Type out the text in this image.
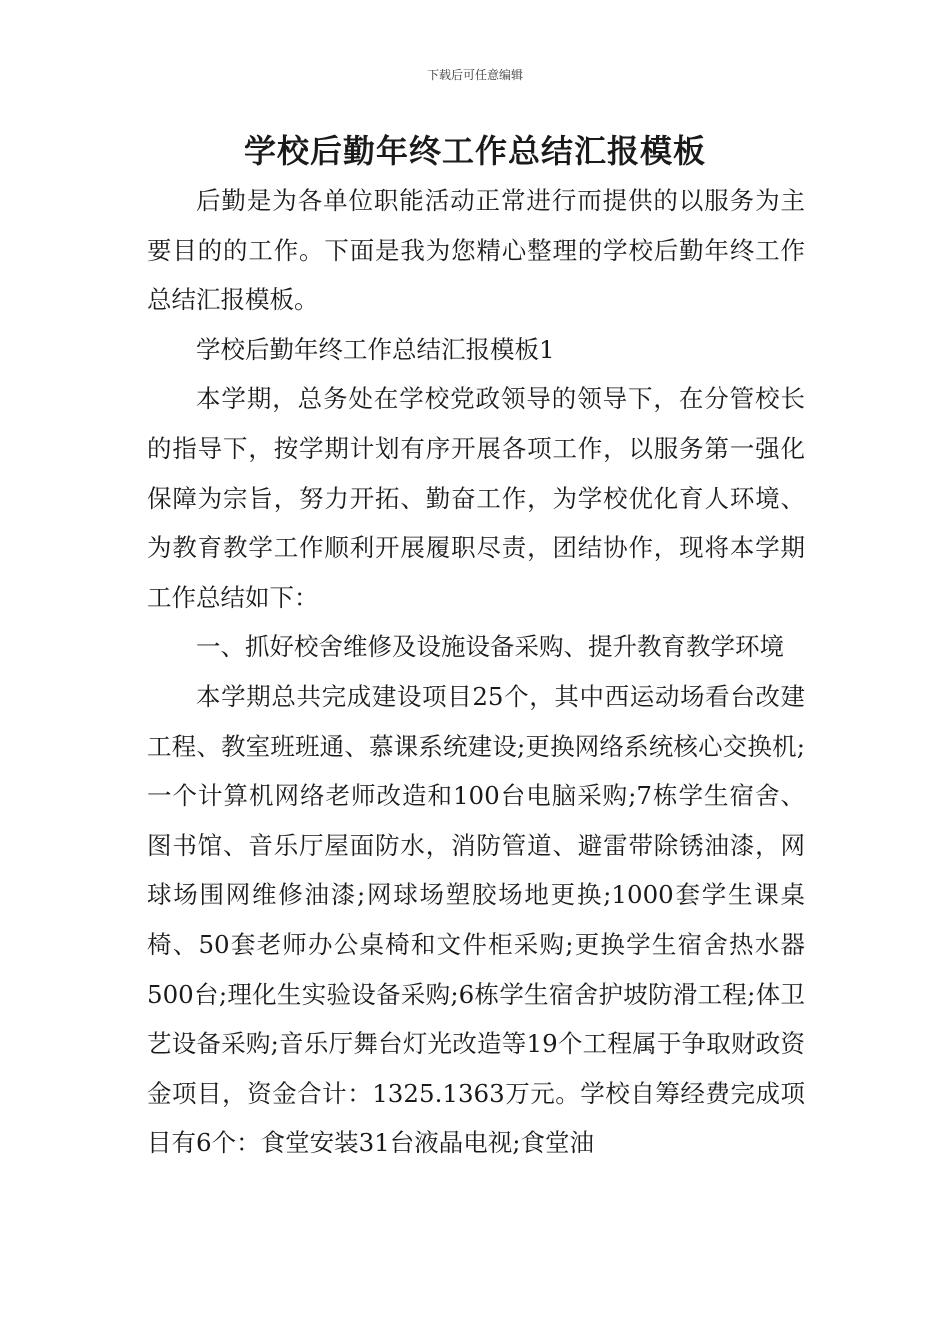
下载后可任意编辑
学校后勤年终工作总结汇报模板

后勤是为各单位职能活动正常进行而提供的以服务为主要目的的工作。下面是我为您精心整理的学校后勤年终工作总结汇报模板。

学校后勤年终工作总结汇报模板1

本学期，总务处在学校党政领导的领导下，在分管校长的指导下，按学期计划有序开展各项工作，以服务第一强化保障为宗旨，努力开拓、勤奋工作，为学校优化育人环境、为教育教学工作顺利开展履职尽责，团结协作，现将本学期工作总结如下：

一、抓好校舍维修及设施设备采购、提升教育教学环境

本学期总共完成建设项目25个，其中西运动场看台改建工程、教室班班通、慕课系统建设;更换网络系统核心交换机;一个计算机网络老师改造和100台电脑采购;7栋学生宿舍、图书馆、音乐厅屋面防水，消防管道、避雷带除锈油漆，网球场围网维修油漆;网球场塑胶场地更换;1000套学生课桌椅、50套老师办公桌椅和文件柜采购;更换学生宿舍热水器500台;理化生实验设备采购;6栋学生宿舍护坡防滑工程;体卫艺设备采购;音乐厅舞台灯光改造等19个工程属于争取财政资金项目，资金合计：1325.1363万元。学校自筹经费完成项目有6个：食堂安装31台液晶电视;食堂油
